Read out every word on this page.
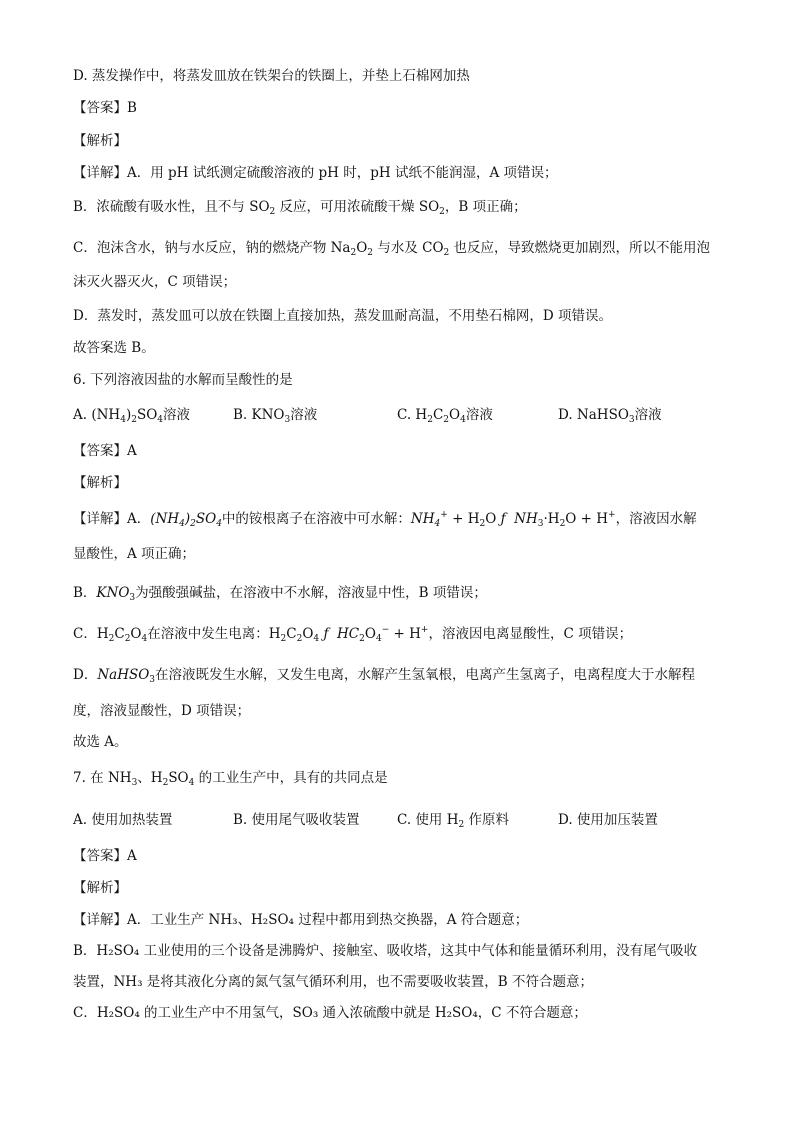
D. 蒸发操作中，将蒸发皿放在铁架台的铁圈上，并垫上石棉网加热
【答案】B
【解析】
【详解】A．用 pH 试纸测定硫酸溶液的 pH 时，pH 试纸不能润湿，A 项错误；
B．浓硫酸有吸水性，且不与 $SO_2$ 反应，可用浓硫酸干燥 $SO_2$，B 项正确；
C．泡沫含水，钠与水反应，钠的燃烧产物 $Na_2O_2$ 与水及 $CO_2$ 也反应，导致燃烧更加剧烈，所以不能用泡
沫灭火器灭火，C 项错误；
D．蒸发时，蒸发皿可以放在铁圈上直接加热，蒸发皿耐高温，不用垫石棉网，D 项错误。
故答案选 B。
6. 下列溶液因盐的水解而呈酸性的是
A. $(NH_4)_2SO_4$溶液	B. $KNO_3$溶液	C. $H_2C_2O_4$溶液	D. NaHSO$_3$溶液
【答案】A
【解析】
【详解】A．$(NH_4)_2SO_4$中的铵根离子在溶液中可水解：$NH_4^+ + H_2O$ ƒ $NH_3\cdot H_2O + H^+$，溶液因水解
显酸性，A 项正确；
B．$KNO_3$为强酸强碱盐，在溶液中不水解，溶液显中性，B 项错误；
C．$H_2C_2O_4$在溶液中发生电离：$H_2C_2O_4$ ƒ $HC_2O_4^- + H^+$，溶液因电离显酸性，C 项错误；
D．NaHSO$_3$在溶液既发生水解，又发生电离，水解产生氢氧根，电离产生氢离子，电离程度大于水解程
度，溶液显酸性，D 项错误；
故选 A。
7. 在 $NH_3$、$H_2SO_4$ 的工业生产中，具有的共同点是
A. 使用加热装置	B. 使用尾气吸收装置	C. 使用 $H_2$ 作原料	D. 使用加压装置
【答案】A
【解析】
【详解】A．工业生产 NH₃、H₂SO₄ 过程中都用到热交换器，A 符合题意；
B．H₂SO₄ 工业使用的三个设备是沸腾炉、接触室、吸收塔，这其中气体和能量循环利用，没有尾气吸收
装置，NH₃ 是将其液化分离的氮气氢气循环利用，也不需要吸收装置，B 不符合题意；
C．H₂SO₄ 的工业生产中不用氢气，SO₃ 通入浓硫酸中就是 H₂SO₄，C 不符合题意；
